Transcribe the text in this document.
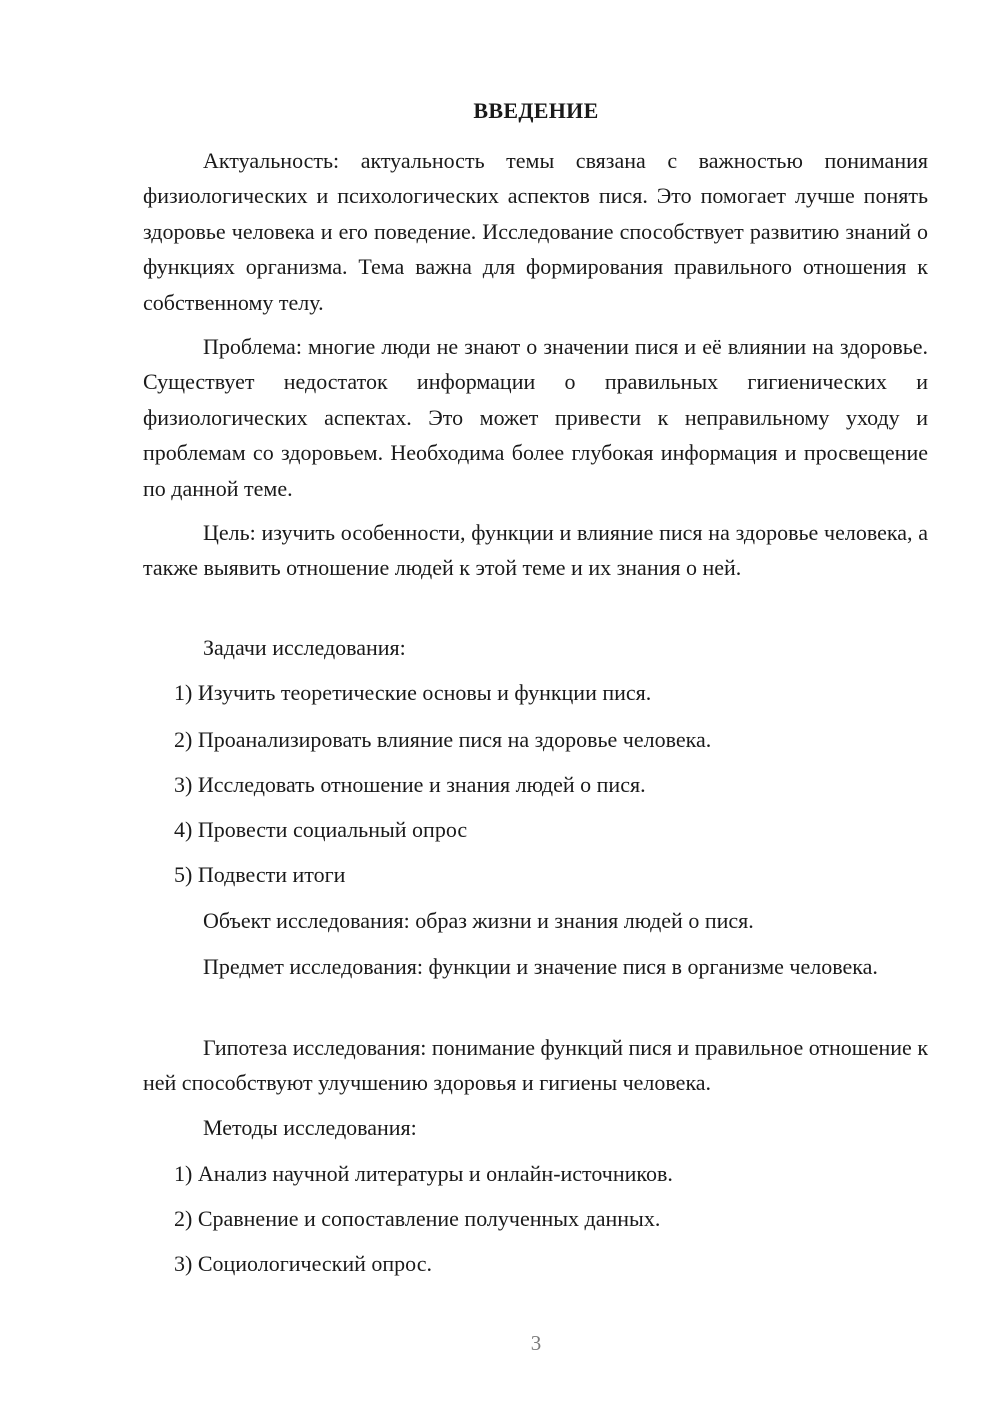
ВВЕДЕНИЕ

Актуальность: актуальность темы связана с важностью понимания физиологических и психологических аспектов пися. Это помогает лучше понять здоровье человека и его поведение. Исследование способствует развитию знаний о функциях организма. Тема важна для формирования правильного отношения к собственному телу.

Проблема: многие люди не знают о значении пися и её влиянии на здоровье. Существует недостаток информации о правильных гигиенических и физиологических аспектах. Это может привести к неправильному уходу и проблемам со здоровьем. Необходима более глубокая информация и просвещение по данной теме.

Цель: изучить особенности, функции и влияние пися на здоровье человека, а также выявить отношение людей к этой теме и их знания о ней.

Задачи исследования:

1) Изучить теоретические основы и функции пися.

2) Проанализировать влияние пися на здоровье человека.

3) Исследовать отношение и знания людей о пися.

4) Провести социальный опрос

5) Подвести итоги

Объект исследования: образ жизни и знания людей о пися.

Предмет исследования: функции и значение пися в организме человека.

Гипотеза исследования: понимание функций пися и правильное отношение к ней способствуют улучшению здоровья и гигиены человека.

Методы исследования:

1) Анализ научной литературы и онлайн-источников.

2) Сравнение и сопоставление полученных данных.

3) Социологический опрос.

3
